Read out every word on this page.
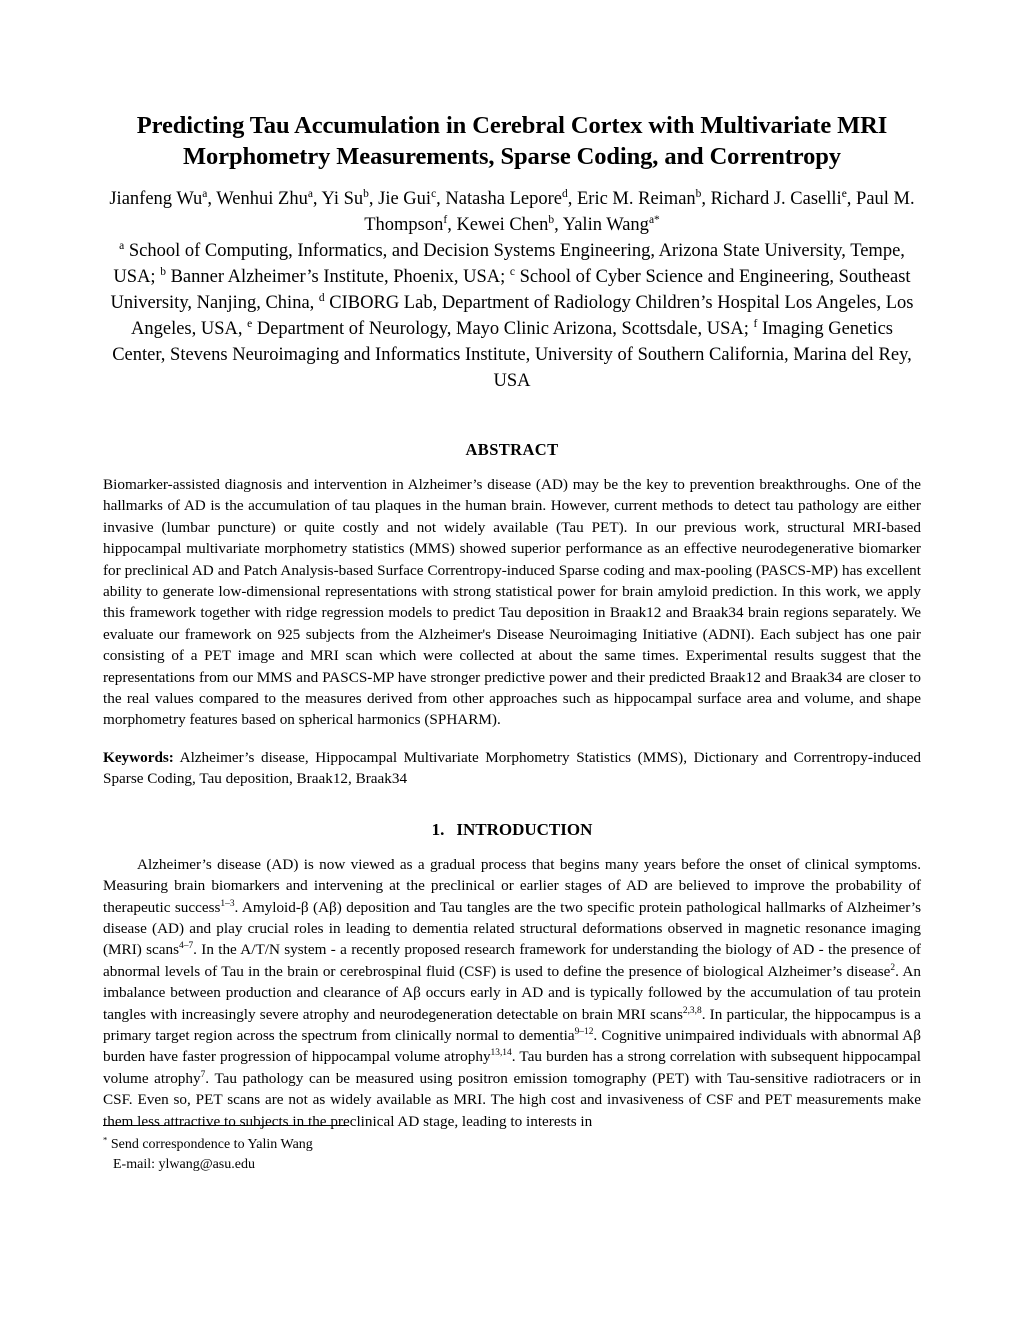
Predicting Tau Accumulation in Cerebral Cortex with Multivariate MRI Morphometry Measurements, Sparse Coding, and Correntropy

Jianfeng Wu$^a$, Wenhui Zhu$^a$, Yi Su$^b$, Jie Gui$^c$, Natasha Lepore$^d$, Eric M. Reiman$^b$, Richard J. Caselli$^e$, Paul M. Thompson$^f$, Kewei Chen$^b$, Yalin Wang$^{a*}$

$^a$ School of Computing, Informatics, and Decision Systems Engineering, Arizona State University, Tempe, USA; $^b$ Banner Alzheimer’s Institute, Phoenix, USA; $^c$ School of Cyber Science and Engineering, Southeast University, Nanjing, China, $^d$ CIBORG Lab, Department of Radiology Children’s Hospital Los Angeles, Los Angeles, USA, $^e$ Department of Neurology, Mayo Clinic Arizona, Scottsdale, USA; $^f$ Imaging Genetics Center, Stevens Neuroimaging and Informatics Institute, University of Southern California, Marina del Rey, USA

ABSTRACT

Biomarker-assisted diagnosis and intervention in Alzheimer’s disease (AD) may be the key to prevention breakthroughs. One of the hallmarks of AD is the accumulation of tau plaques in the human brain. However, current methods to detect tau pathology are either invasive (lumbar puncture) or quite costly and not widely available (Tau PET). In our previous work, structural MRI-based hippocampal multivariate morphometry statistics (MMS) showed superior performance as an effective neurodegenerative biomarker for preclinical AD and Patch Analysis-based Surface Correntropy-induced Sparse coding and max-pooling (PASCS-MP) has excellent ability to generate low-dimensional representations with strong statistical power for brain amyloid prediction. In this work, we apply this framework together with ridge regression models to predict Tau deposition in Braak12 and Braak34 brain regions separately. We evaluate our framework on 925 subjects from the Alzheimer's Disease Neuroimaging Initiative (ADNI). Each subject has one pair consisting of a PET image and MRI scan which were collected at about the same times. Experimental results suggest that the representations from our MMS and PASCS-MP have stronger predictive power and their predicted Braak12 and Braak34 are closer to the real values compared to the measures derived from other approaches such as hippocampal surface area and volume, and shape morphometry features based on spherical harmonics (SPHARM).

Keywords: Alzheimer’s disease, Hippocampal Multivariate Morphometry Statistics (MMS), Dictionary and Correntropy-induced Sparse Coding, Tau deposition, Braak12, Braak34

1. INTRODUCTION

Alzheimer’s disease (AD) is now viewed as a gradual process that begins many years before the onset of clinical symptoms. Measuring brain biomarkers and intervening at the preclinical or earlier stages of AD are believed to improve the probability of therapeutic success$^{1-3}$. Amyloid-β (Aβ) deposition and Tau tangles are the two specific protein pathological hallmarks of Alzheimer’s disease (AD) and play crucial roles in leading to dementia related structural deformations observed in magnetic resonance imaging (MRI) scans$^{4-7}$. In the A/T/N system - a recently proposed research framework for understanding the biology of AD - the presence of abnormal levels of Tau in the brain or cerebrospinal fluid (CSF) is used to define the presence of biological Alzheimer’s disease$^2$. An imbalance between production and clearance of Aβ occurs early in AD and is typically followed by the accumulation of tau protein tangles with increasingly severe atrophy and neurodegeneration detectable on brain MRI scans$^{2,3,8}$. In particular, the hippocampus is a primary target region across the spectrum from clinically normal to dementia$^{9-12}$. Cognitive unimpaired individuals with abnormal Aβ burden have faster progression of hippocampal volume atrophy$^{13,14}$. Tau burden has a strong correlation with subsequent hippocampal volume atrophy$^7$. Tau pathology can be measured using positron emission tomography (PET) with Tau-sensitive radiotracers or in CSF. Even so, PET scans are not as widely available as MRI. The high cost and invasiveness of CSF and PET measurements make them less attractive to subjects in the preclinical AD stage, leading to interests in

* Send correspondence to Yalin Wang

E-mail: ylwang@asu.edu
